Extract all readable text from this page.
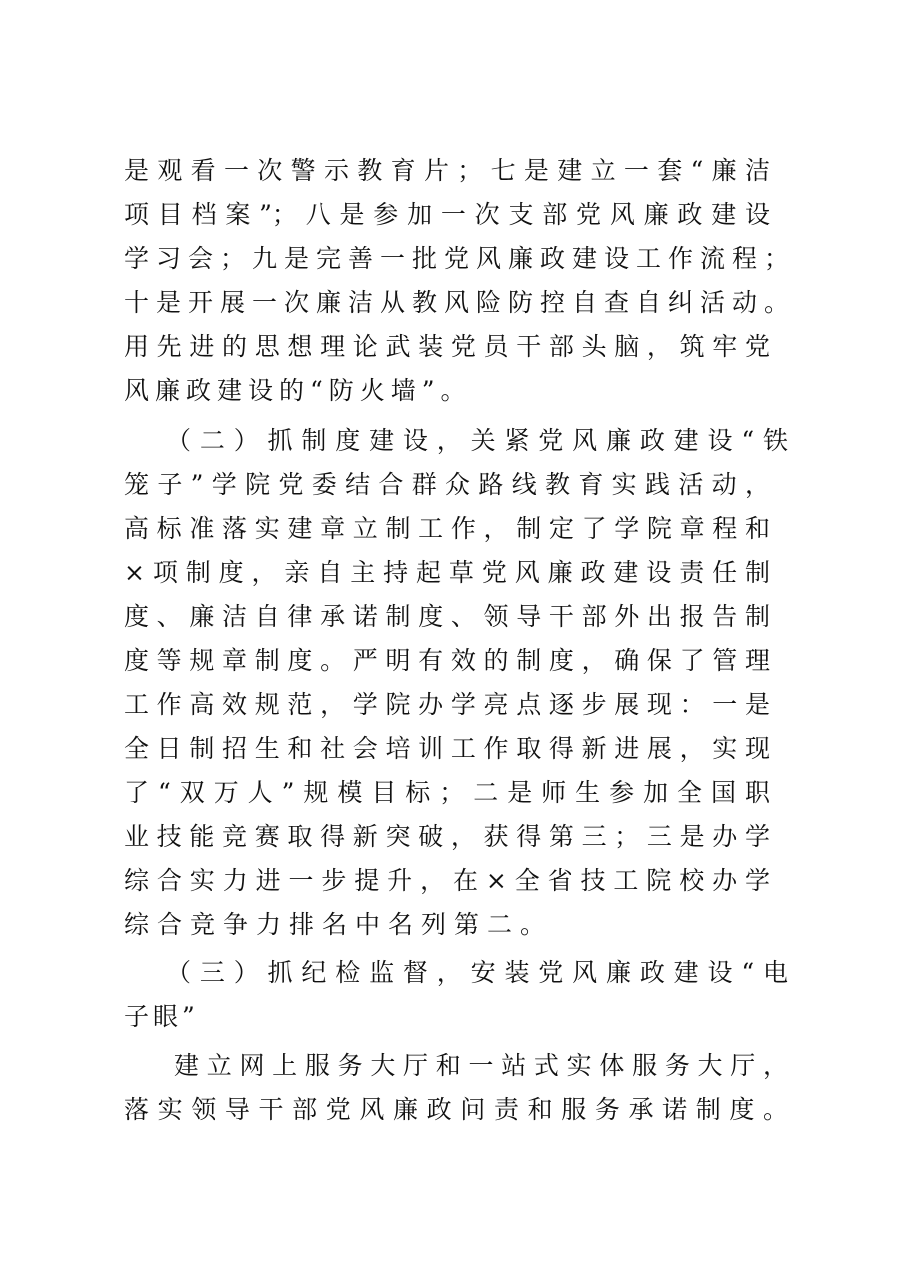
是观看一次警示教育片；七是建立一套“廉洁
项目档案”；八是参加一次支部党风廉政建设
学习会；九是完善一批党风廉政建设工作流程；
十是开展一次廉洁从教风险防控自查自纠活动。
用先进的思想理论武装党员干部头脑，筑牢党
风廉政建设的“防火墙”。
（二）抓制度建设，关紧党风廉政建设“铁
笼子”学院党委结合群众路线教育实践活动，
高标准落实建章立制工作，制定了学院章程和
×项制度，亲自主持起草党风廉政建设责任制
度、廉洁自律承诺制度、领导干部外出报告制
度等规章制度。严明有效的制度，确保了管理
工作高效规范，学院办学亮点逐步展现：一是
全日制招生和社会培训工作取得新进展，实现
了“双万人”规模目标；二是师生参加全国职
业技能竞赛取得新突破，获得第三；三是办学
综合实力进一步提升，在×全省技工院校办学
综合竞争力排名中名列第二。
（三）抓纪检监督，安装党风廉政建设“电
子眼”
建立网上服务大厅和一站式实体服务大厅，
落实领导干部党风廉政问责和服务承诺制度。
